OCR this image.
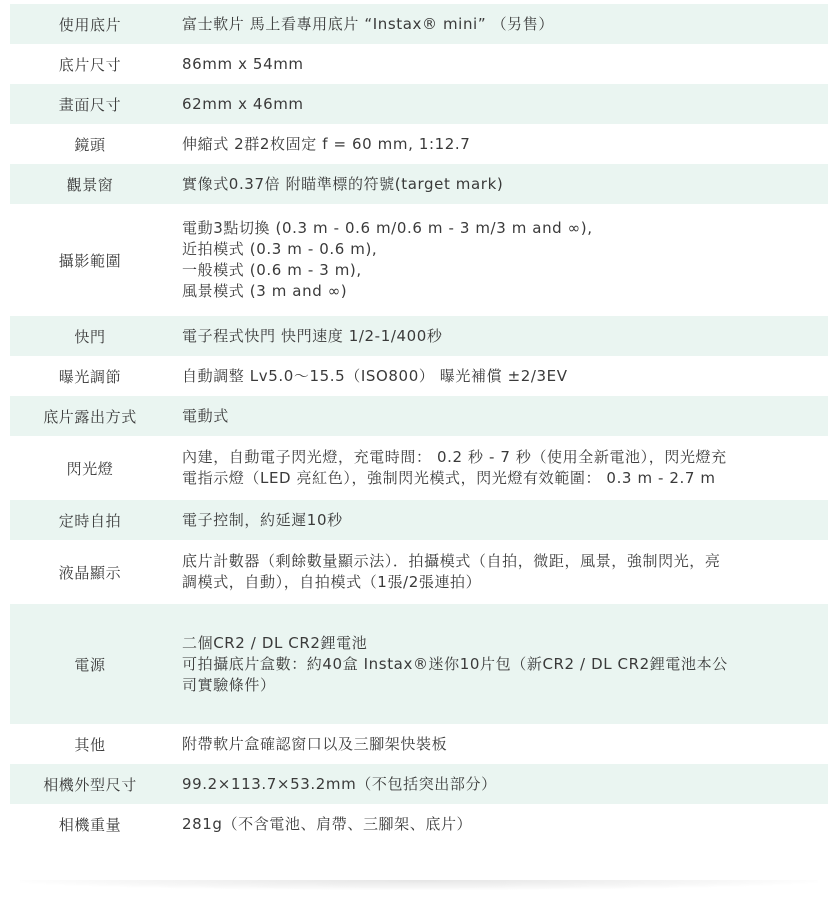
使用底片	富士軟片 馬上看專用底片 “Instax® mini” （另售）

底片尺寸	86mm x 54mm

畫面尺寸	62mm x 46mm

鏡頭	伸縮式 2群2枚固定 f = 60 mm, 1:12.7

觀景窗	實像式0.37倍 附瞄準標的符號(target mark)

攝影範圍	電動3點切換 (0.3 m - 0.6 m/0.6 m - 3 m/3 m and ∞),
近拍模式 (0.3 m - 0.6 m),
一般模式 (0.6 m - 3 m),
風景模式 (3 m and ∞)

快門	電子程式快門 快門速度 1/2-1/400秒

曝光調節	自動調整 Lv5.0～15.5（ISO800） 曝光補償 ±2/3EV

底片露出方式	電動式

閃光燈	內建，自動電子閃光燈，充電時間： 0.2 秒 - 7 秒（使用全新電池），閃光燈充
電指示燈（LED 亮紅色），強制閃光模式，閃光燈有效範圍： 0.3 m - 2.7 m

定時自拍	電子控制，約延遲10秒

液晶顯示	底片計數器（剩餘數量顯示法）．拍攝模式（自拍，微距，風景，強制閃光，亮
調模式，自動），自拍模式（1張/2張連拍）

電源	二個CR2 / DL CR2鋰電池
可拍攝底片盒數：約40盒 Instax®迷你10片包（新CR2 / DL CR2鋰電池本公
司實驗條件）

其他	附帶軟片盒確認窗口以及三腳架快裝板

相機外型尺寸	99.2×113.7×53.2mm（不包括突出部分）

相機重量	281g（不含電池、肩帶、三腳架、底片）
